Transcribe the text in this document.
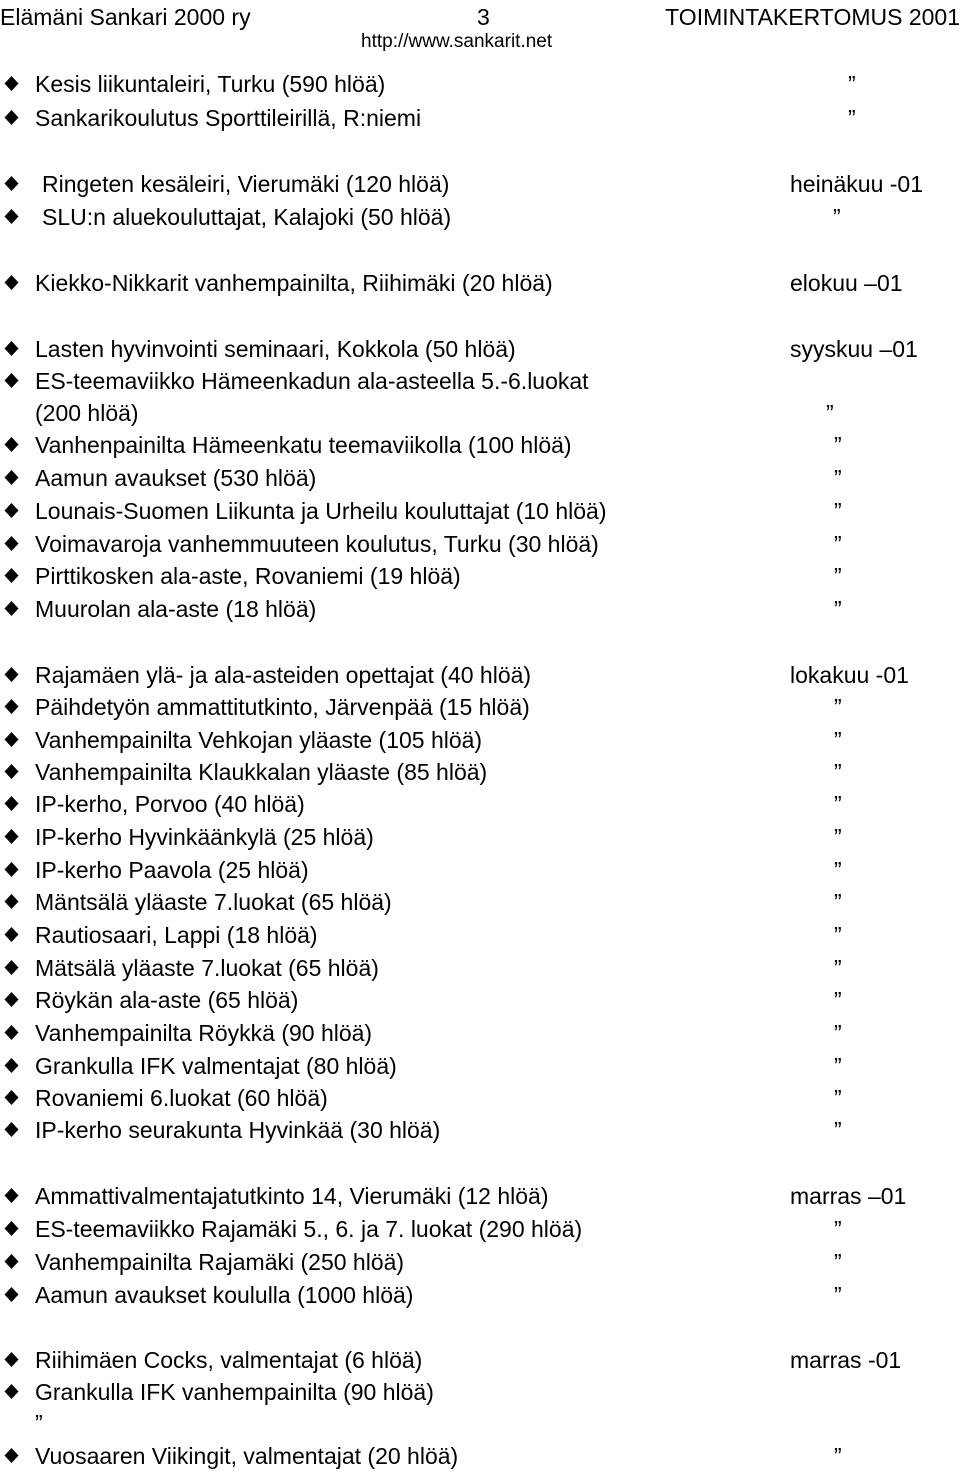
Elämäni Sankari 2000 ry	3	TOIMINTAKERTOMUS 2001
http://www.sankarit.net
Kesis liikuntaleiri, Turku (590 hlöä)	”
Sankarikoulutus Sporttileirillä, R:niemi	”
Ringeten kesäleiri, Vierumäki (120 hlöä)	heinäkuu -01
SLU:n aluekouluttajat, Kalajoki (50 hlöä)	”
Kiekko-Nikkarit vanhempainilta, Riihimäki (20 hlöä)	elokuu –01
Lasten hyvinvointi seminaari, Kokkola (50 hlöä)	syyskuu –01
ES-teemaviikko Hämeenkadun ala-asteella 5.-6.luokat
(200 hlöä)	”
Vanhenpainilta Hämeenkatu teemaviikolla (100 hlöä)	”
Aamun avaukset (530 hlöä)	”
Lounais-Suomen Liikunta ja Urheilu kouluttajat (10 hlöä)	”
Voimavaroja vanhemmuuteen koulutus, Turku (30 hlöä)	”
Pirttikosken ala-aste, Rovaniemi (19 hlöä)	”
Muurolan ala-aste (18 hlöä)	”
Rajamäen ylä- ja ala-asteiden opettajat (40 hlöä)	lokakuu -01
Päihdetyön ammattitutkinto, Järvenpää (15 hlöä)	”
Vanhempainilta Vehkojan yläaste (105 hlöä)	”
Vanhempainilta Klaukkalan yläaste (85 hlöä)	”
IP-kerho, Porvoo (40 hlöä)	”
IP-kerho Hyvinkäänkylä (25 hlöä)	”
IP-kerho Paavola (25 hlöä)	”
Mäntsälä yläaste 7.luokat (65 hlöä)	”
Rautiosaari, Lappi (18 hlöä)	”
Mätsälä yläaste 7.luokat (65 hlöä)	”
Röykän ala-aste (65 hlöä)	”
Vanhempainilta Röykkä (90 hlöä)	”
Grankulla IFK valmentajat (80 hlöä)	”
Rovaniemi 6.luokat (60 hlöä)	”
IP-kerho seurakunta Hyvinkää (30 hlöä)	”
Ammattivalmentajatutkinto 14, Vierumäki (12 hlöä)	marras –01
ES-teemaviikko Rajamäki 5., 6. ja 7. luokat (290 hlöä)	”
Vanhempainilta Rajamäki (250 hlöä)	”
Aamun avaukset koululla (1000 hlöä)	”
Riihimäen Cocks, valmentajat (6 hlöä)	marras -01
Grankulla IFK vanhempainilta (90 hlöä)
”
Vuosaaren Viikingit, valmentajat (20 hlöä)	”
